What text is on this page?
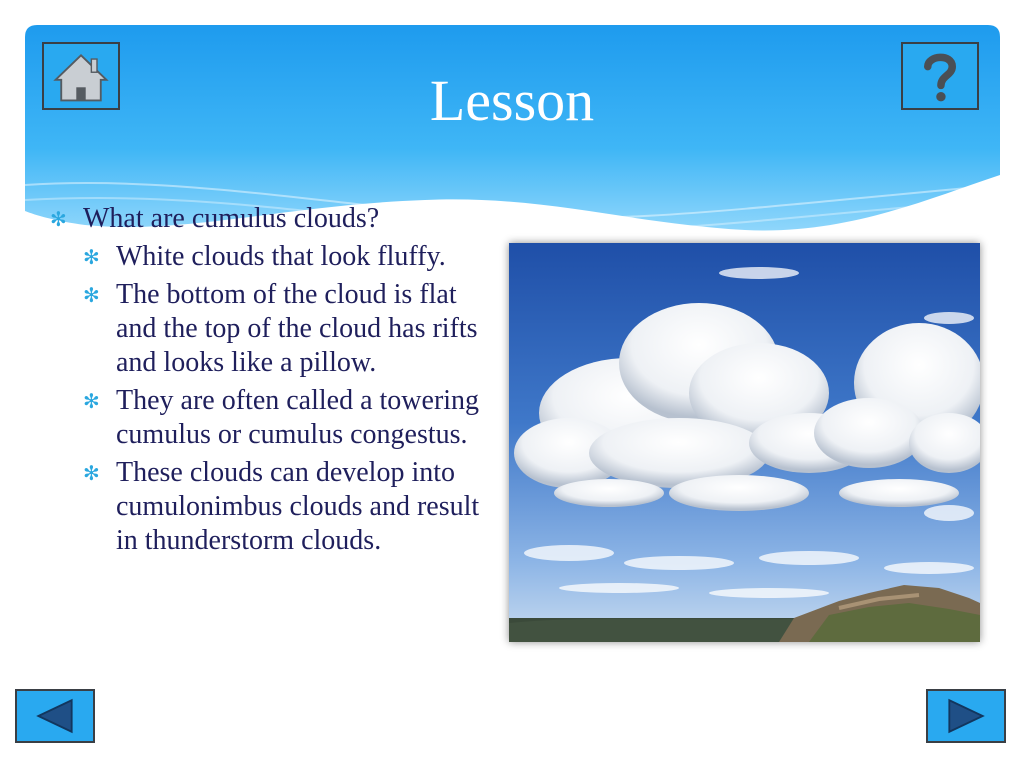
Lesson
✻ What are cumulus clouds?
✻ White clouds that look fluffy.
✻ The bottom of the cloud is flat and the top of the cloud has rifts and looks like a pillow.
✻ They are often called a towering cumulus or cumulus congestus.
✻ These clouds can develop into cumulonimbus clouds and result in thunderstorm clouds.
